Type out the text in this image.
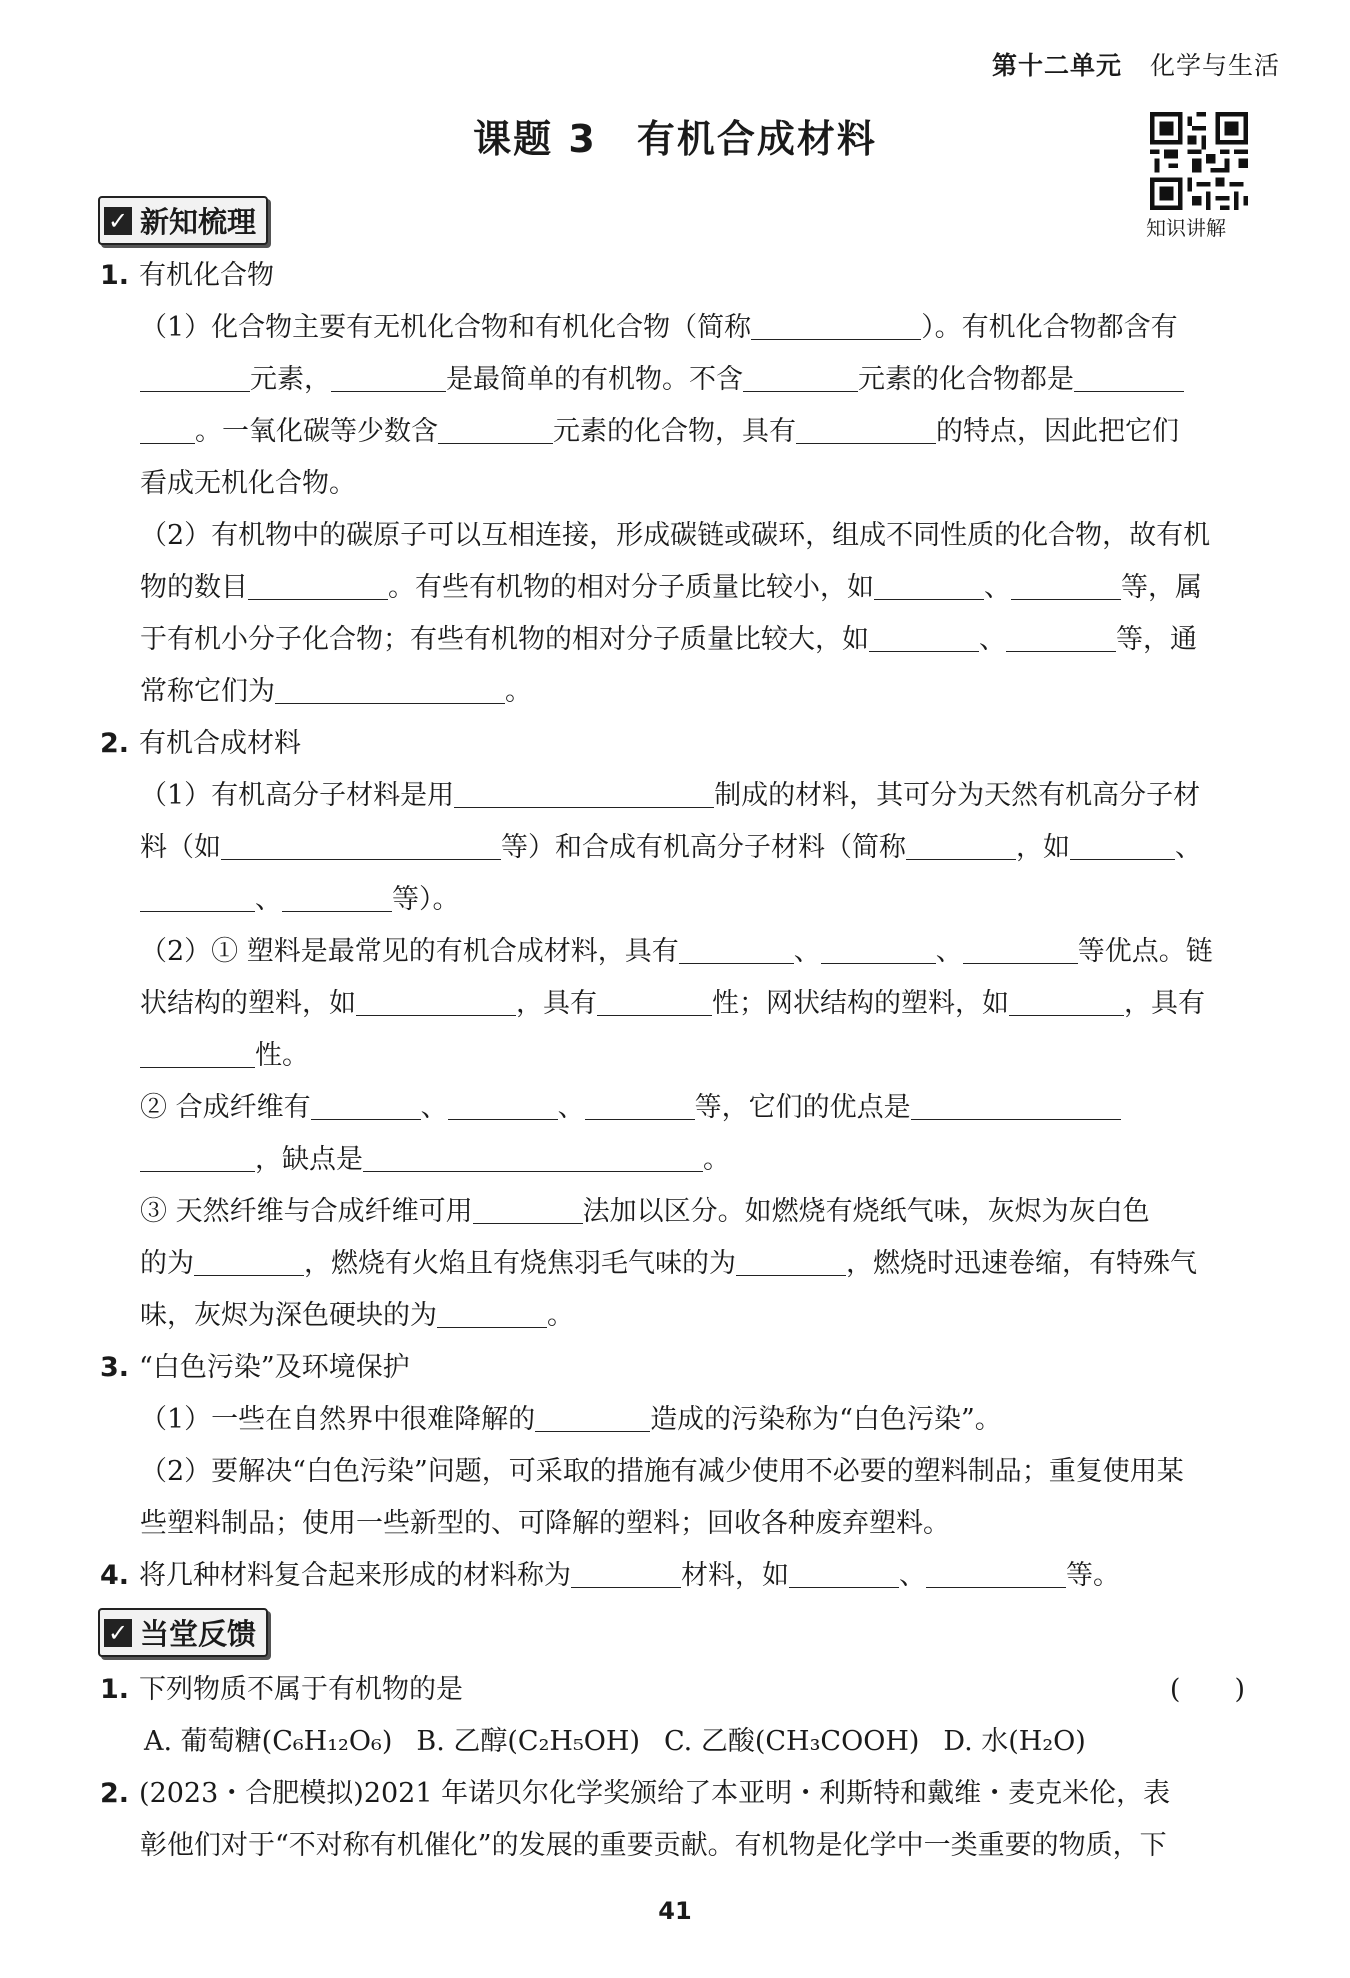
第十二单元 化学与生活
课题 3　有机合成材料
知识讲解
✓ 新知梳理

1. 有机化合物

（1）化合物主要有无机化合物和有机化合物（简称	）。有机化合物都含有

元素，	是最简单的有机物。不含	元素的化合物都是

。一氧化碳等少数含	元素的化合物，具有	的特点，因此把它们

看成无机化合物。

（2）有机物中的碳原子可以互相连接，形成碳链或碳环，组成不同性质的化合物，故有机

物的数目	。有些有机物的相对分子质量比较小，如	、	等，属

于有机小分子化合物；有些有机物的相对分子质量比较大，如	、	等，通

常称它们为	。

2. 有机合成材料

（1）有机高分子材料是用	制成的材料，其可分为天然有机高分子材

料（如	等）和合成有机高分子材料（简称	，如	、

、	等）。

（2）① 塑料是最常见的有机合成材料，具有	、	、	等优点。链

状结构的塑料，如	，具有	性；网状结构的塑料，如	，具有

性。

② 合成纤维有	、	、	等，它们的优点是

，缺点是	。

③ 天然纤维与合成纤维可用	法加以区分。如燃烧有烧纸气味，灰烬为灰白色

的为	，燃烧有火焰且有烧焦羽毛气味的为	，燃烧时迅速卷缩，有特殊气

味，灰烬为深色硬块的为	。

3. “白色污染”及环境保护

（1）一些在自然界中很难降解的	造成的污染称为“白色污染”。

（2）要解决“白色污染”问题，可采取的措施有减少使用不必要的塑料制品；重复使用某

些塑料制品；使用一些新型的、可降解的塑料；回收各种废弃塑料。

4. 将几种材料复合起来形成的材料称为	材料，如	、	等。

✓ 当堂反馈

1. 下列物质不属于有机物的是	(　　)

A. 葡萄糖(C₆H₁₂O₆) B. 乙醇(C₂H₅OH) C. 乙酸(CH₃COOH) D. 水(H₂O)

2. (2023・合肥模拟)2021 年诺贝尔化学奖颁给了本亚明・利斯特和戴维・麦克米伦，表

彰他们对于“不对称有机催化”的发展的重要贡献。有机物是化学中一类重要的物质，下

41
